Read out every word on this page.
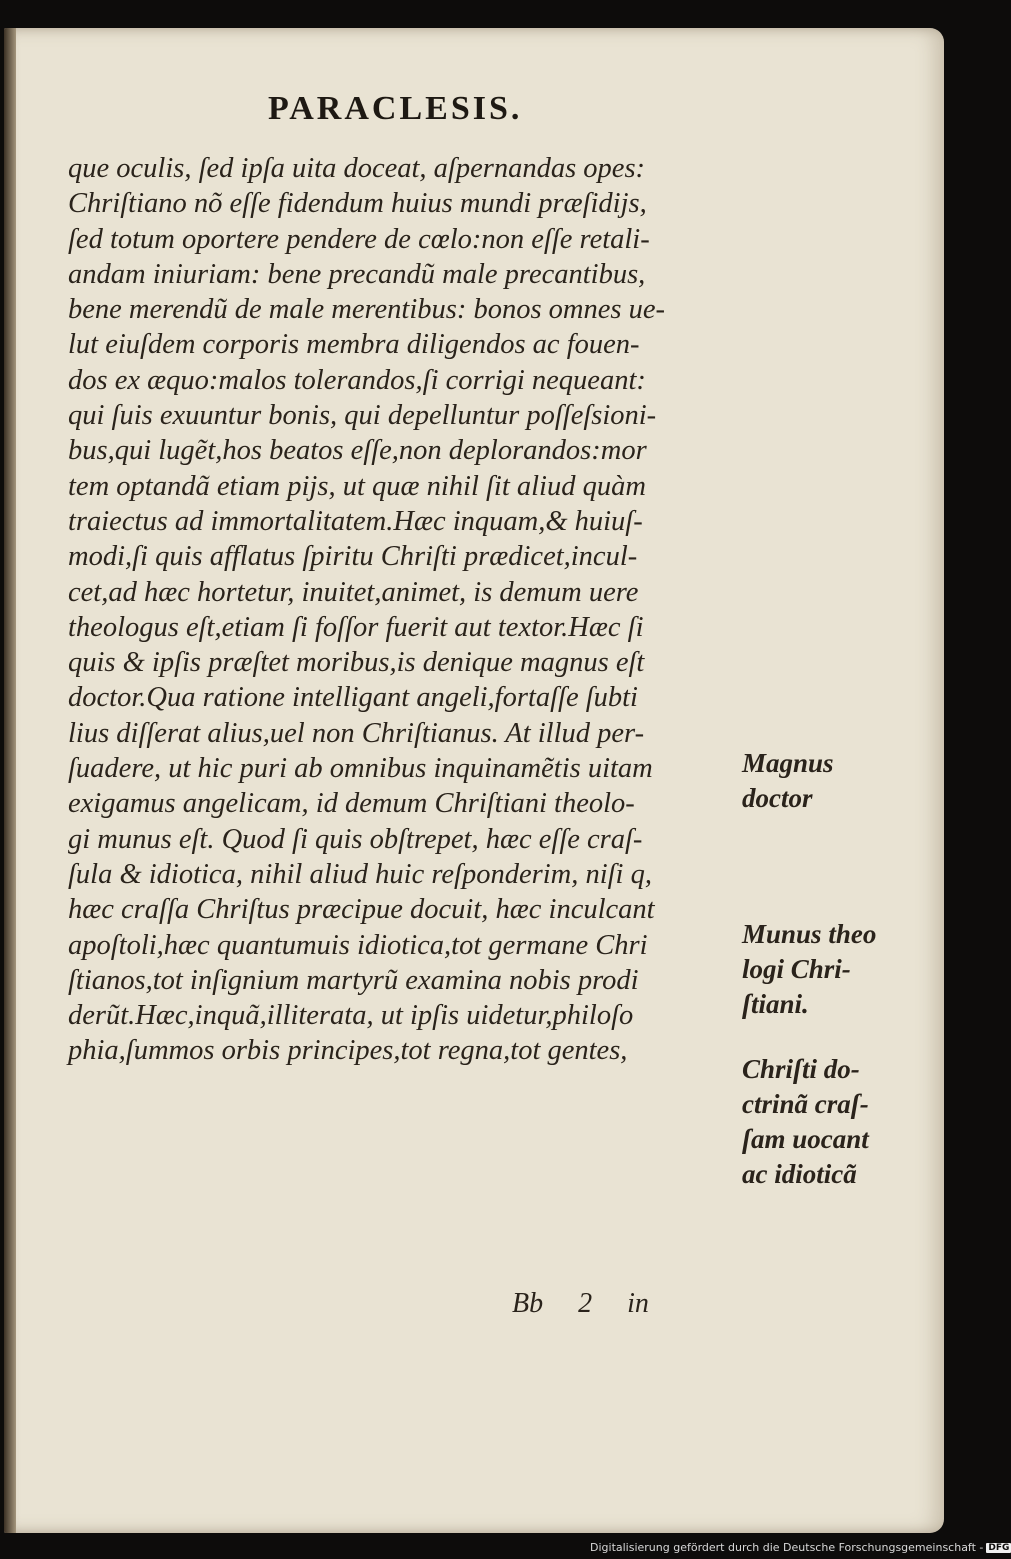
PARACLESIS.
que oculis, ſed ipſa uita doceat, aſpernandas opes:
Chriſtiano nõ eſſe fidendum huius mundi præſidijs,
ſed totum oportere pendere de cœlo:non eſſe retali-
andam iniuriam: bene precandũ male precantibus,
bene merendũ de male merentibus: bonos omnes ue-
lut eiuſdem corporis membra diligendos ac fouen-
dos ex æquo:malos tolerandos,ſi corrigi nequeant:
qui ſuis exuuntur bonis, qui depelluntur poſſeſsioni-
bus,qui lugẽt,hos beatos eſſe,non deplorandos:mor
tem optandã etiam pijs, ut quæ nihil ſit aliud quàm
traiectus ad immortalitatem.Hæc inquam,& huiuſ-
modi,ſi quis afflatus ſpiritu Chriſti prædicet,incul-
cet,ad hæc hortetur, inuitet,animet, is demum uere
theologus eſt,etiam ſi foſſor fuerit aut textor.Hæc ſi
quis & ipſis præſtet moribus,is denique magnus eſt
doctor.Qua ratione intelligant angeli,fortaſſe ſubti
lius diſſerat alius,uel non Chriſtianus. At illud per-
ſuadere, ut hic puri ab omnibus inquinamẽtis uitam
exigamus angelicam, id demum Chriſtiani theolo-
gi munus eſt. Quod ſi quis obſtrepet, hæc eſſe craſ-
ſula & idiotica, nihil aliud huic reſponderim, niſi q,
hæc craſſa Chriſtus præcipue docuit, hæc inculcant
apoſtoli,hæc quantumuis idiotica,tot germane Chri
ſtianos,tot inſignium martyrũ examina nobis prodi
derũt.Hæc,inquã,illiterata, ut ipſis uidetur,philoſo
phia,ſummos orbis principes,tot regna,tot gentes,
Bb 2 in
Magnus
doctor
Munus theo
logi Chri-
ſtiani.
Chriſti do-
ctrinã craſ-
ſam uocant
ac idioticã
Digitalisierung gefördert durch die Deutsche Forschungsgemeinschaft - DFG
